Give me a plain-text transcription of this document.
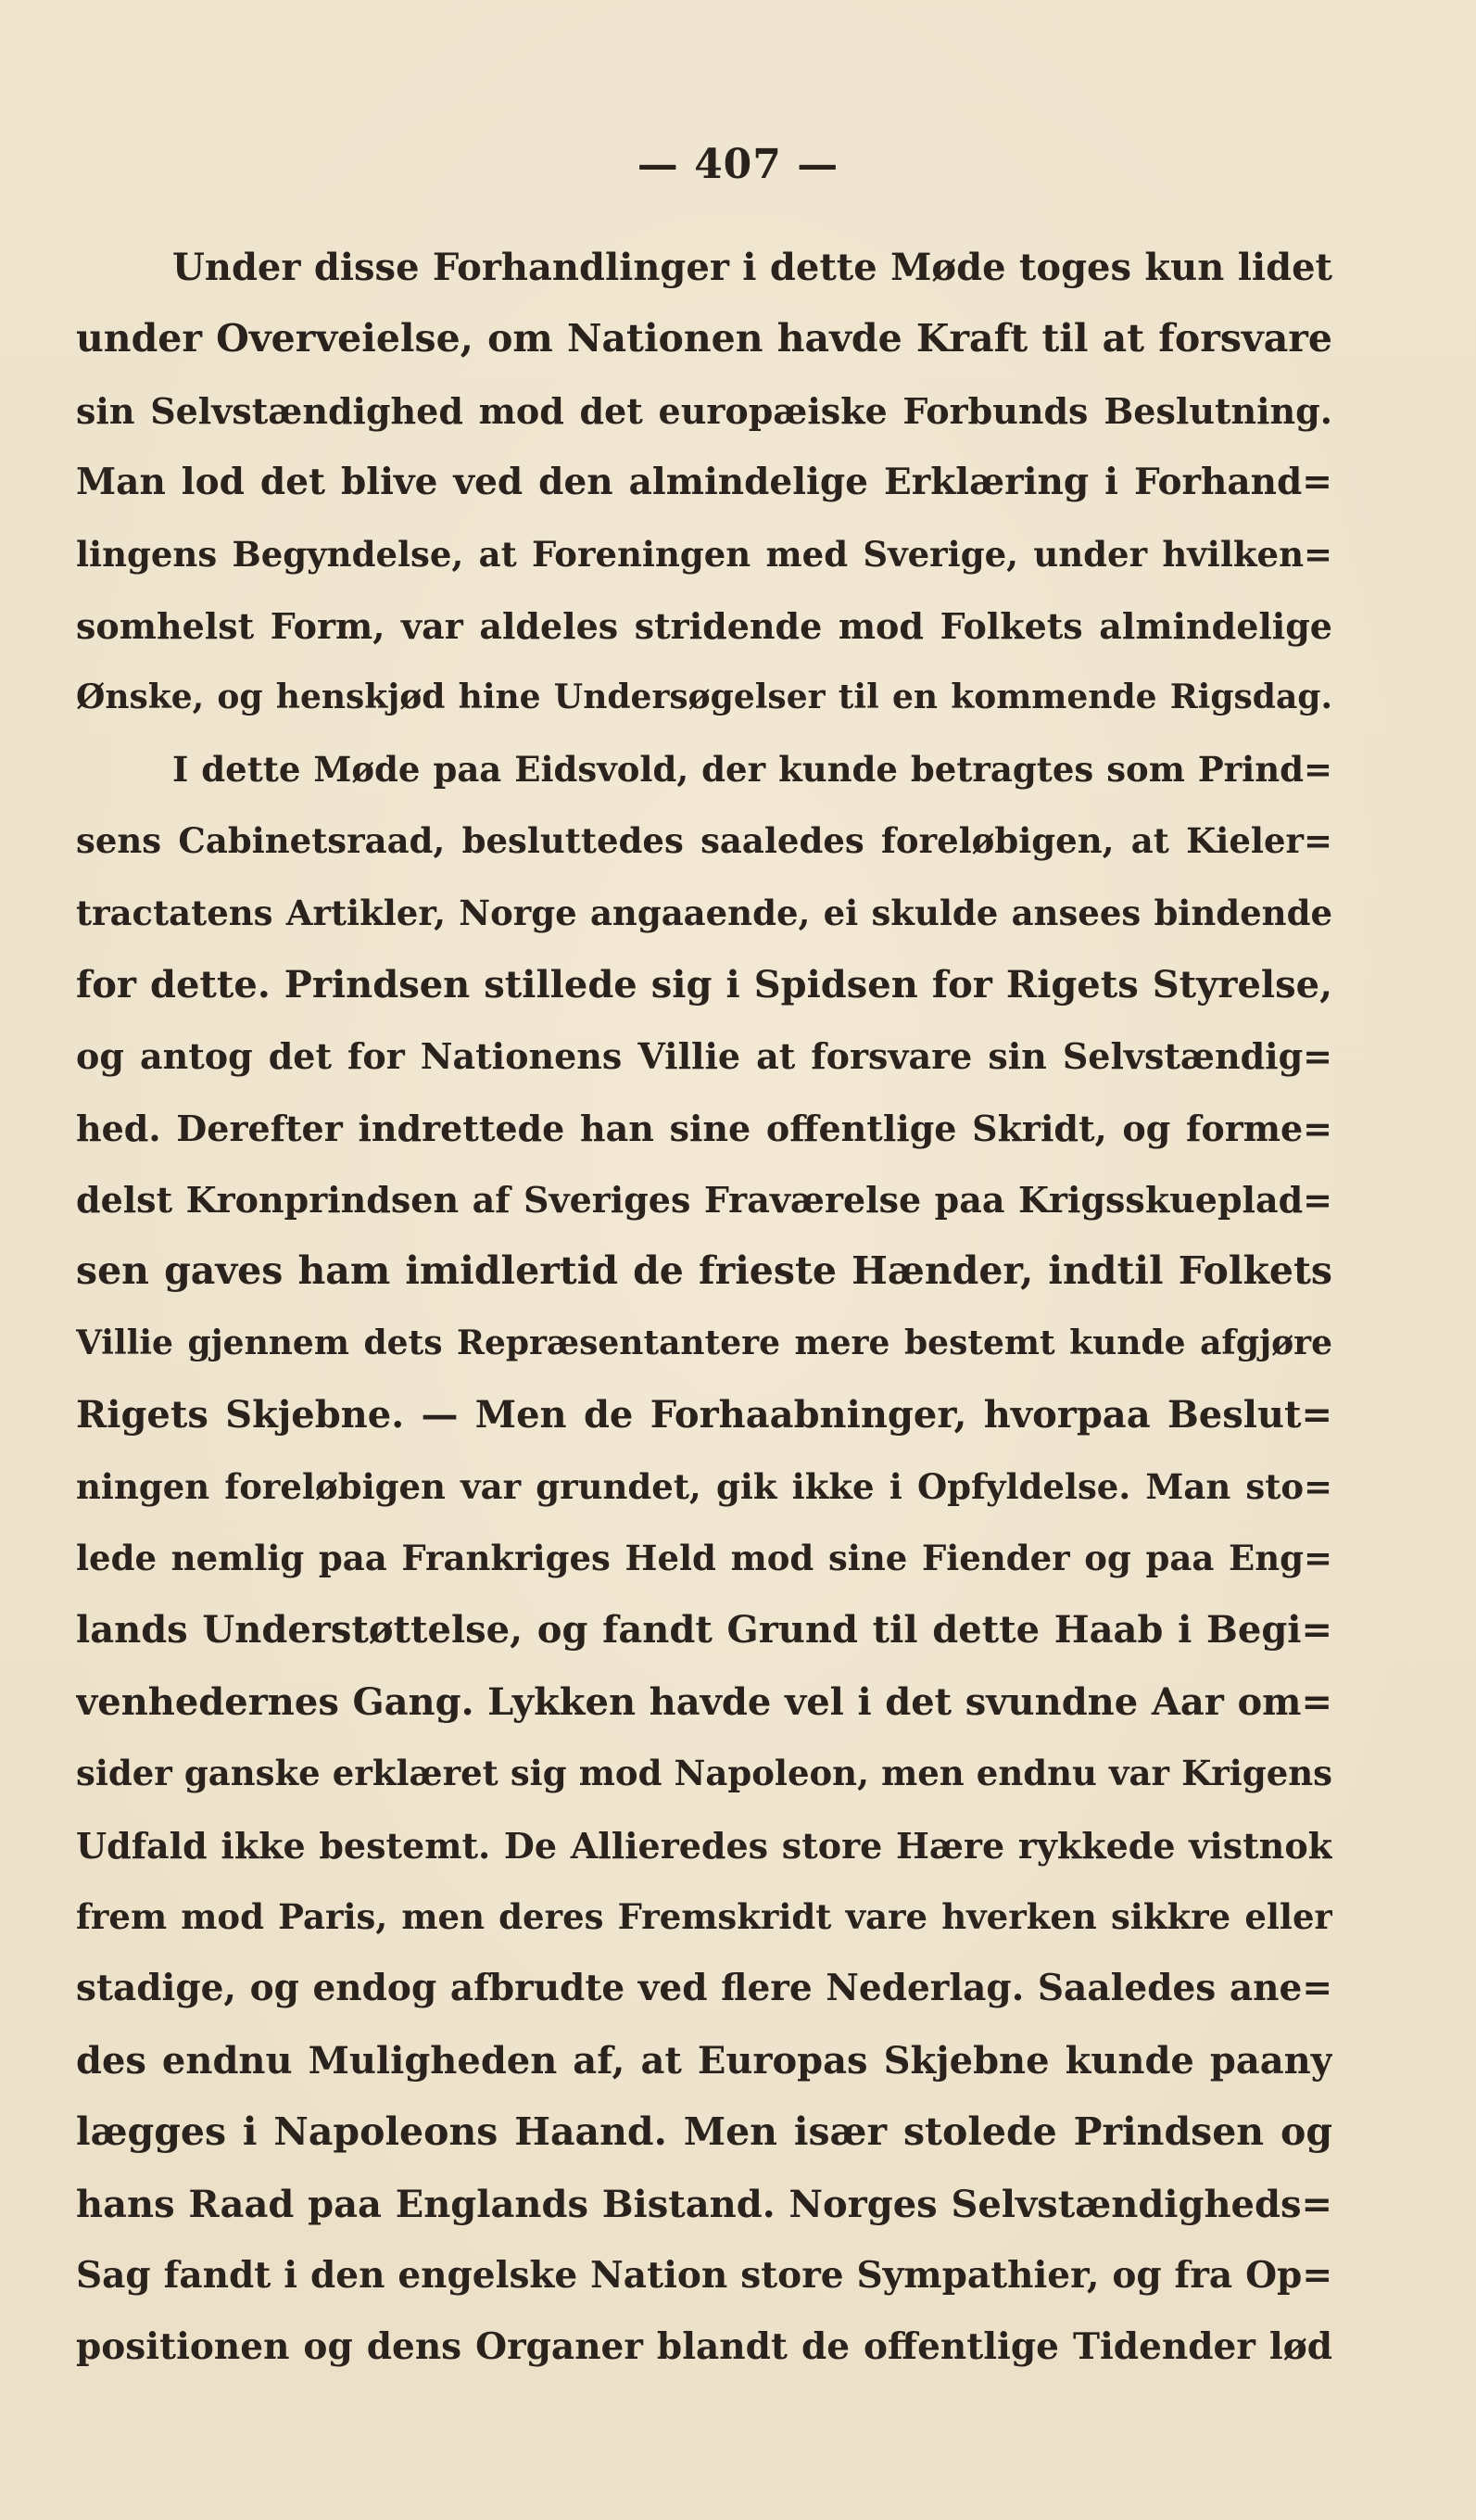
— 407 —
Under disse Forhandlinger i dette Møde toges kun lidet
under Overveielse, om Nationen havde Kraft til at forsvare
sin Selvstændighed mod det europæiske Forbunds Beslutning.
Man lod det blive ved den almindelige Erklæring i Forhand=
lingens Begyndelse, at Foreningen med Sverige, under hvilken=
somhelst Form, var aldeles stridende mod Folkets almindelige
Ønske, og henskjød hine Undersøgelser til en kommende Rigsdag.
I dette Møde paa Eidsvold, der kunde betragtes som Prind=
sens Cabinetsraad, besluttedes saaledes foreløbigen, at Kieler=
tractatens Artikler, Norge angaaende, ei skulde ansees bindende
for dette. Prindsen stillede sig i Spidsen for Rigets Styrelse,
og antog det for Nationens Villie at forsvare sin Selvstændig=
hed. Derefter indrettede han sine offentlige Skridt, og forme=
delst Kronprindsen af Sveriges Fraværelse paa Krigsskueplad=
sen gaves ham imidlertid de frieste Hænder, indtil Folkets
Villie gjennem dets Repræsentantere mere bestemt kunde afgjøre
Rigets Skjebne. — Men de Forhaabninger, hvorpaa Beslut=
ningen foreløbigen var grundet, gik ikke i Opfyldelse. Man sto=
lede nemlig paa Frankriges Held mod sine Fiender og paa Eng=
lands Understøttelse, og fandt Grund til dette Haab i Begi=
venhedernes Gang. Lykken havde vel i det svundne Aar om=
sider ganske erklæret sig mod Napoleon, men endnu var Krigens
Udfald ikke bestemt. De Allieredes store Hære rykkede vistnok
frem mod Paris, men deres Fremskridt vare hverken sikkre eller
stadige, og endog afbrudte ved flere Nederlag. Saaledes ane=
des endnu Muligheden af, at Europas Skjebne kunde paany
lægges i Napoleons Haand. Men især stolede Prindsen og
hans Raad paa Englands Bistand. Norges Selvstændigheds=
Sag fandt i den engelske Nation store Sympathier, og fra Op=
positionen og dens Organer blandt de offentlige Tidender lød
